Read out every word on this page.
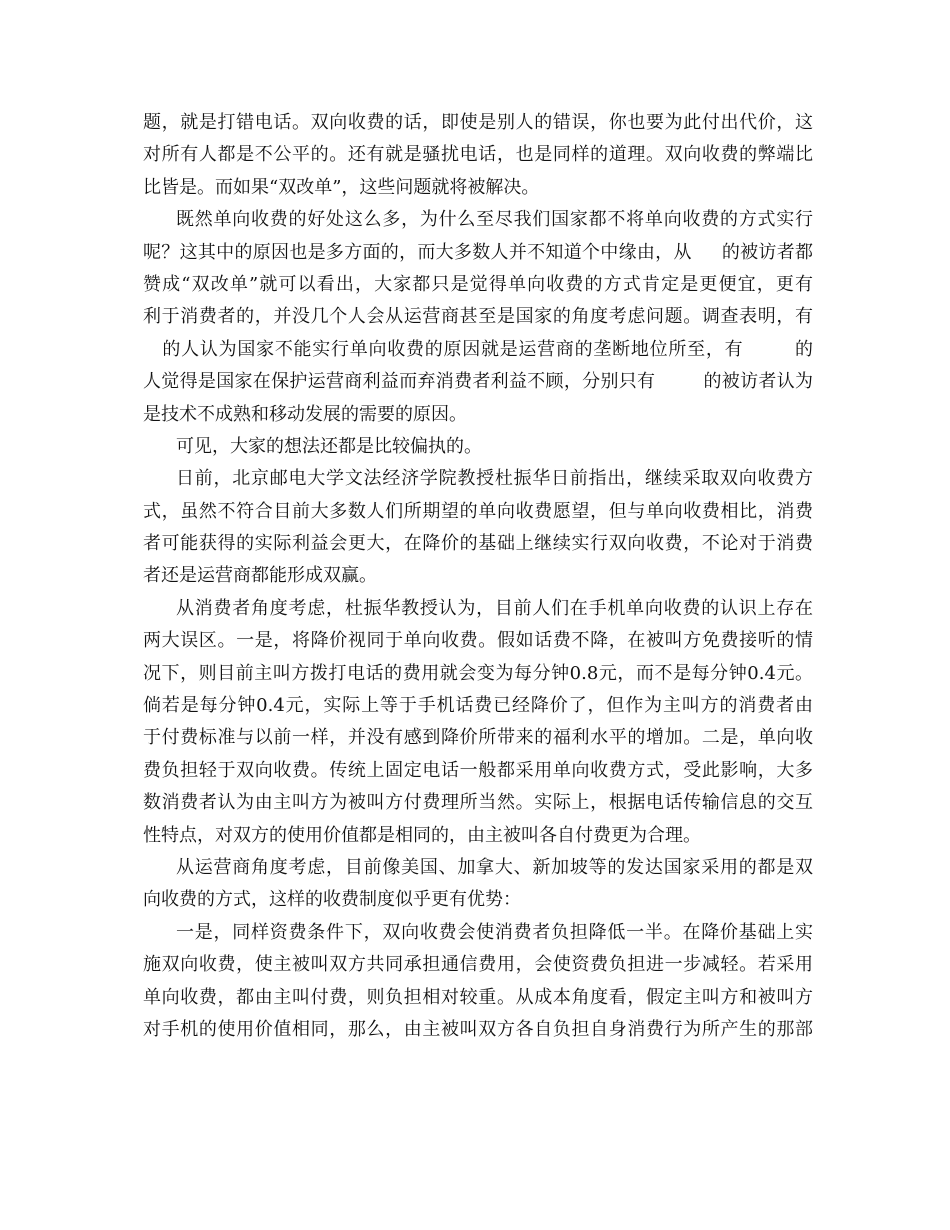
题，就是打错电话。双向收费的话，即使是别人的错误，你也要为此付出代价，这
对所有人都是不公平的。还有就是骚扰电话，也是同样的道理。双向收费的弊端比
比皆是。而如果“双改单”，这些问题就将被解决。
既然单向收费的好处这么多，为什么至尽我们国家都不将单向收费的方式实行
呢？这其中的原因也是多方面的，而大多数人并不知道个中缘由，从     的被访者都
赞成“双改单”就可以看出，大家都只是觉得单向收费的方式肯定是更便宜，更有
利于消费者的，并没几个人会从运营商甚至是国家的角度考虑问题。调查表明，有
的人认为国家不能实行单向收费的原因就是运营商的垄断地位所至，有        的
人觉得是国家在保护运营商利益而弃消费者利益不顾，分别只有        的被访者认为
是技术不成熟和移动发展的需要的原因。
可见，大家的想法还都是比较偏执的。
日前，北京邮电大学文法经济学院教授杜振华日前指出，继续采取双向收费方
式，虽然不符合目前大多数人们所期望的单向收费愿望，但与单向收费相比，消费
者可能获得的实际利益会更大，在降价的基础上继续实行双向收费，不论对于消费
者还是运营商都能形成双赢。
从消费者角度考虑，杜振华教授认为，目前人们在手机单向收费的认识上存在
两大误区。一是，将降价视同于单向收费。假如话费不降，在被叫方免费接听的情
况下，则目前主叫方拨打电话的费用就会变为每分钟0.8元，而不是每分钟0.4元。
倘若是每分钟0.4元，实际上等于手机话费已经降价了，但作为主叫方的消费者由
于付费标准与以前一样，并没有感到降价所带来的福利水平的增加。二是，单向收
费负担轻于双向收费。传统上固定电话一般都采用单向收费方式，受此影响，大多
数消费者认为由主叫方为被叫方付费理所当然。实际上，根据电话传输信息的交互
性特点，对双方的使用价值都是相同的，由主被叫各自付费更为合理。
从运营商角度考虑，目前像美国、加拿大、新加坡等的发达国家采用的都是双
向收费的方式，这样的收费制度似乎更有优势：
一是，同样资费条件下，双向收费会使消费者负担降低一半。在降价基础上实
施双向收费，使主被叫双方共同承担通信费用，会使资费负担进一步减轻。若采用
单向收费，都由主叫付费，则负担相对较重。从成本角度看，假定主叫方和被叫方
对手机的使用价值相同，那么，由主被叫双方各自负担自身消费行为所产生的那部
